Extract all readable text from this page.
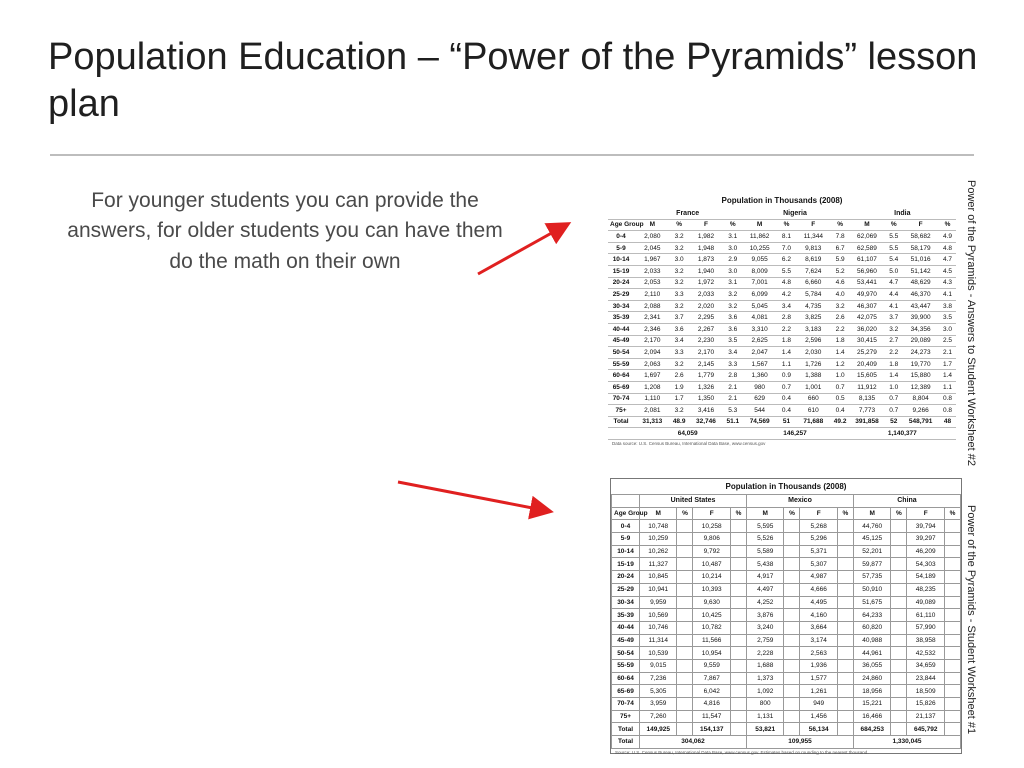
Population Education – “Power of the Pyramids” lesson plan
For younger students you can provide the answers, for older students you can have them do the math on their own
Population in Thousands (2008)
	France				Nigeria				India			
Age Group	M	%	F	%	M	%	F	%	M	%	F	%
0-4	2,080	3.2	1,982	3.1	11,862	8.1	11,344	7.8	62,069	5.5	58,682	4.9
5-9	2,045	3.2	1,948	3.0	10,255	7.0	9,813	6.7	62,589	5.5	58,179	4.8
10-14	1,967	3.0	1,873	2.9	9,055	6.2	8,619	5.9	61,107	5.4	51,016	4.7
15-19	2,033	3.2	1,940	3.0	8,009	5.5	7,624	5.2	56,960	5.0	51,142	4.5
20-24	2,053	3.2	1,972	3.1	7,001	4.8	6,660	4.6	53,441	4.7	48,629	4.3
25-29	2,110	3.3	2,033	3.2	6,099	4.2	5,784	4.0	49,970	4.4	46,370	4.1
30-34	2,088	3.2	2,020	3.2	5,045	3.4	4,735	3.2	46,307	4.1	43,447	3.8
35-39	2,341	3.7	2,295	3.6	4,081	2.8	3,825	2.6	42,075	3.7	39,900	3.5
40-44	2,346	3.6	2,267	3.6	3,310	2.2	3,183	2.2	36,020	3.2	34,356	3.0
45-49	2,170	3.4	2,230	3.5	2,625	1.8	2,596	1.8	30,415	2.7	29,089	2.5
50-54	2,094	3.3	2,170	3.4	2,047	1.4	2,030	1.4	25,279	2.2	24,273	2.1
55-59	2,063	3.2	2,145	3.3	1,567	1.1	1,726	1.2	20,409	1.8	19,770	1.7
60-64	1,697	2.6	1,779	2.8	1,360	0.9	1,388	1.0	15,605	1.4	15,880	1.4
65-69	1,208	1.9	1,326	2.1	980	0.7	1,001	0.7	11,912	1.0	12,389	1.1
70-74	1,110	1.7	1,350	2.1	629	0.4	660	0.5	8,135	0.7	8,804	0.8
75+	2,081	3.2	3,416	5.3	544	0.4	610	0.4	7,773	0.7	9,266	0.8
Total	31,313	48.9	32,746	51.1	74,569	51	71,688	49.2	391,858	52	548,791	48
	64,059				146,257				1,140,377			
Data source: U.S. Census Bureau, International Data Base, www.census.gov	Power of the Pyramids - Answers to Student Worksheet #2
Population in Thousands (2008)
	United States				Mexico				China			
Age Group	M	%	F	%	M	%	F	%	M	%	F	%
0-4	10,748		10,258		5,595		5,268		44,760		39,794	
5-9	10,259		9,806		5,526		5,296		45,125		39,297	
10-14	10,262		9,792		5,589		5,371		52,201		46,209	
15-19	11,327		10,487		5,438		5,307		59,877		54,303	
20-24	10,845		10,214		4,917		4,987		57,735		54,189	
25-29	10,941		10,393		4,497		4,666		50,910		48,235	
30-34	9,959		9,630		4,252		4,495		51,675		49,089	
35-39	10,569		10,425		3,876		4,160		64,233		61,110	
40-44	10,746		10,782		3,240		3,664		60,820		57,990	
45-49	11,314		11,566		2,759		3,174		40,988		38,958	
50-54	10,539		10,954		2,228		2,563		44,961		42,532	
55-59	9,015		9,559		1,688		1,936		36,055		34,659	
60-64	7,236		7,867		1,373		1,577		24,860		23,844	
65-69	5,305		6,042		1,092		1,261		18,956		18,509	
70-74	3,959		4,816		800		949		15,221		15,826	
75+	7,260		11,547		1,131		1,456		16,466		21,137	
Total	149,925		154,137		53,821		56,134		684,253		645,792	
Total	304,062				109,955				1,330,045			
Source: U.S. Census Bureau, International Data Base, www.census.gov. Estimates based on rounding to the nearest thousand.
Power of the Pyramids - Student Worksheet #1
